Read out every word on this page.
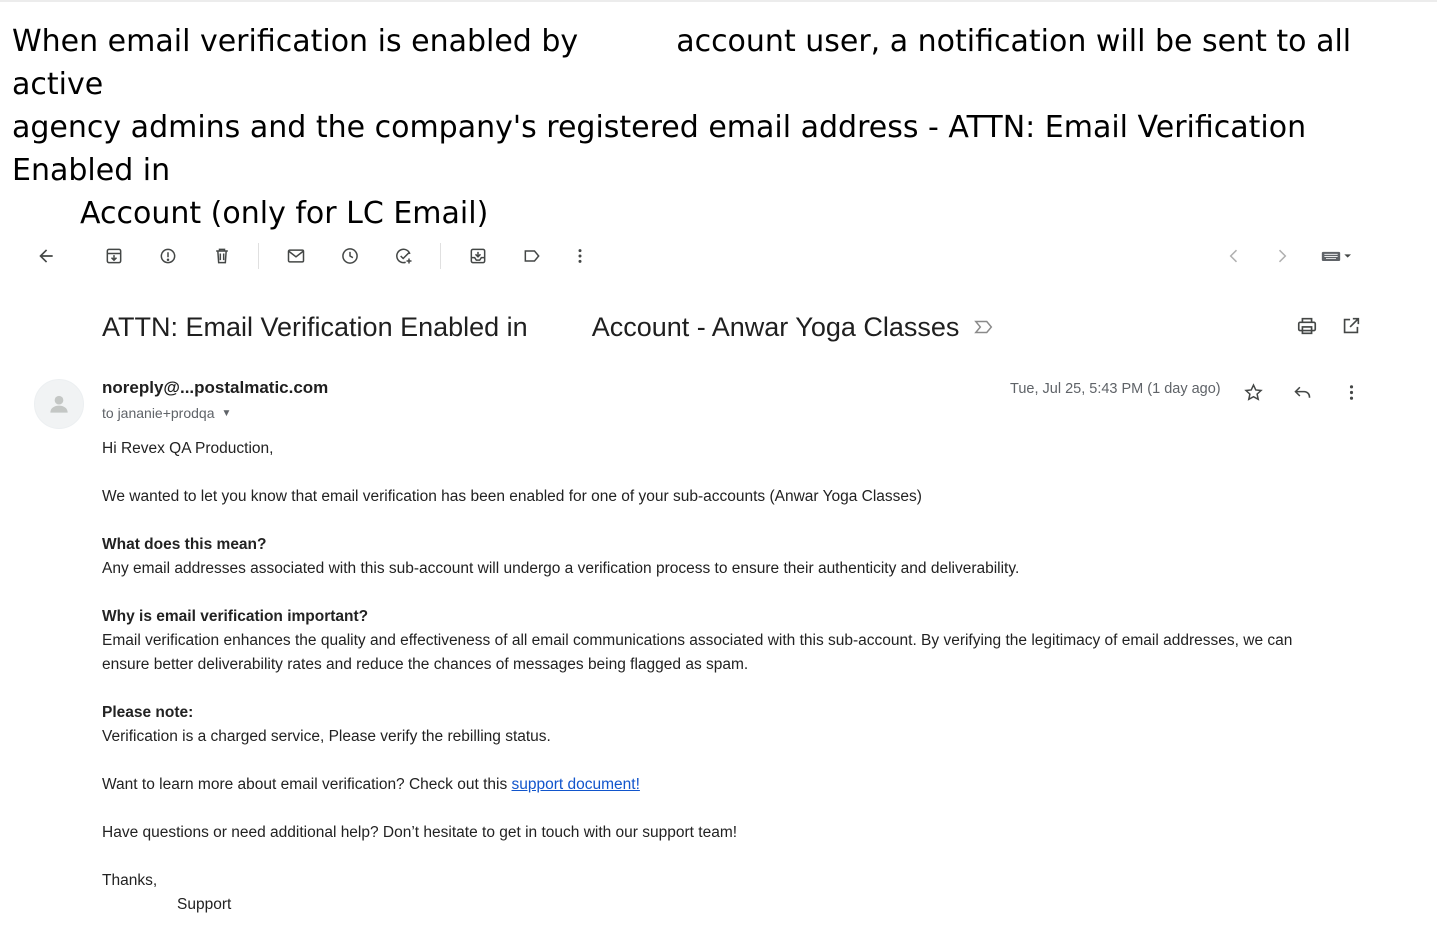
When email verification is enabled by	account user, a notification will be sent to all active
agency admins and the company's registered email address - ATTN: Email Verification Enabled in
Account (only for LC Email)
ATTN: Email Verification Enabled in Account - Anwar Yoga Classes
noreply@...postalmatic.com
to jananie+prodqa ▼
Tue, Jul 25, 5:43 PM (1 day ago)
Hi Revex QA Production,
We wanted to let you know that email verification has been enabled for one of your sub-accounts (Anwar Yoga Classes)
What does this mean?
Any email addresses associated with this sub-account will undergo a verification process to ensure their authenticity and deliverability.
Why is email verification important?
Email verification enhances the quality and effectiveness of all email communications associated with this sub-account. By verifying the legitimacy of email addresses, we can
ensure better deliverability rates and reduce the chances of messages being flagged as spam.
Please note:
Verification is a charged service, Please verify the rebilling status.
Want to learn more about email verification? Check out this support document!
Have questions or need additional help? Don’t hesitate to get in touch with our support team!
Thanks,
Support
